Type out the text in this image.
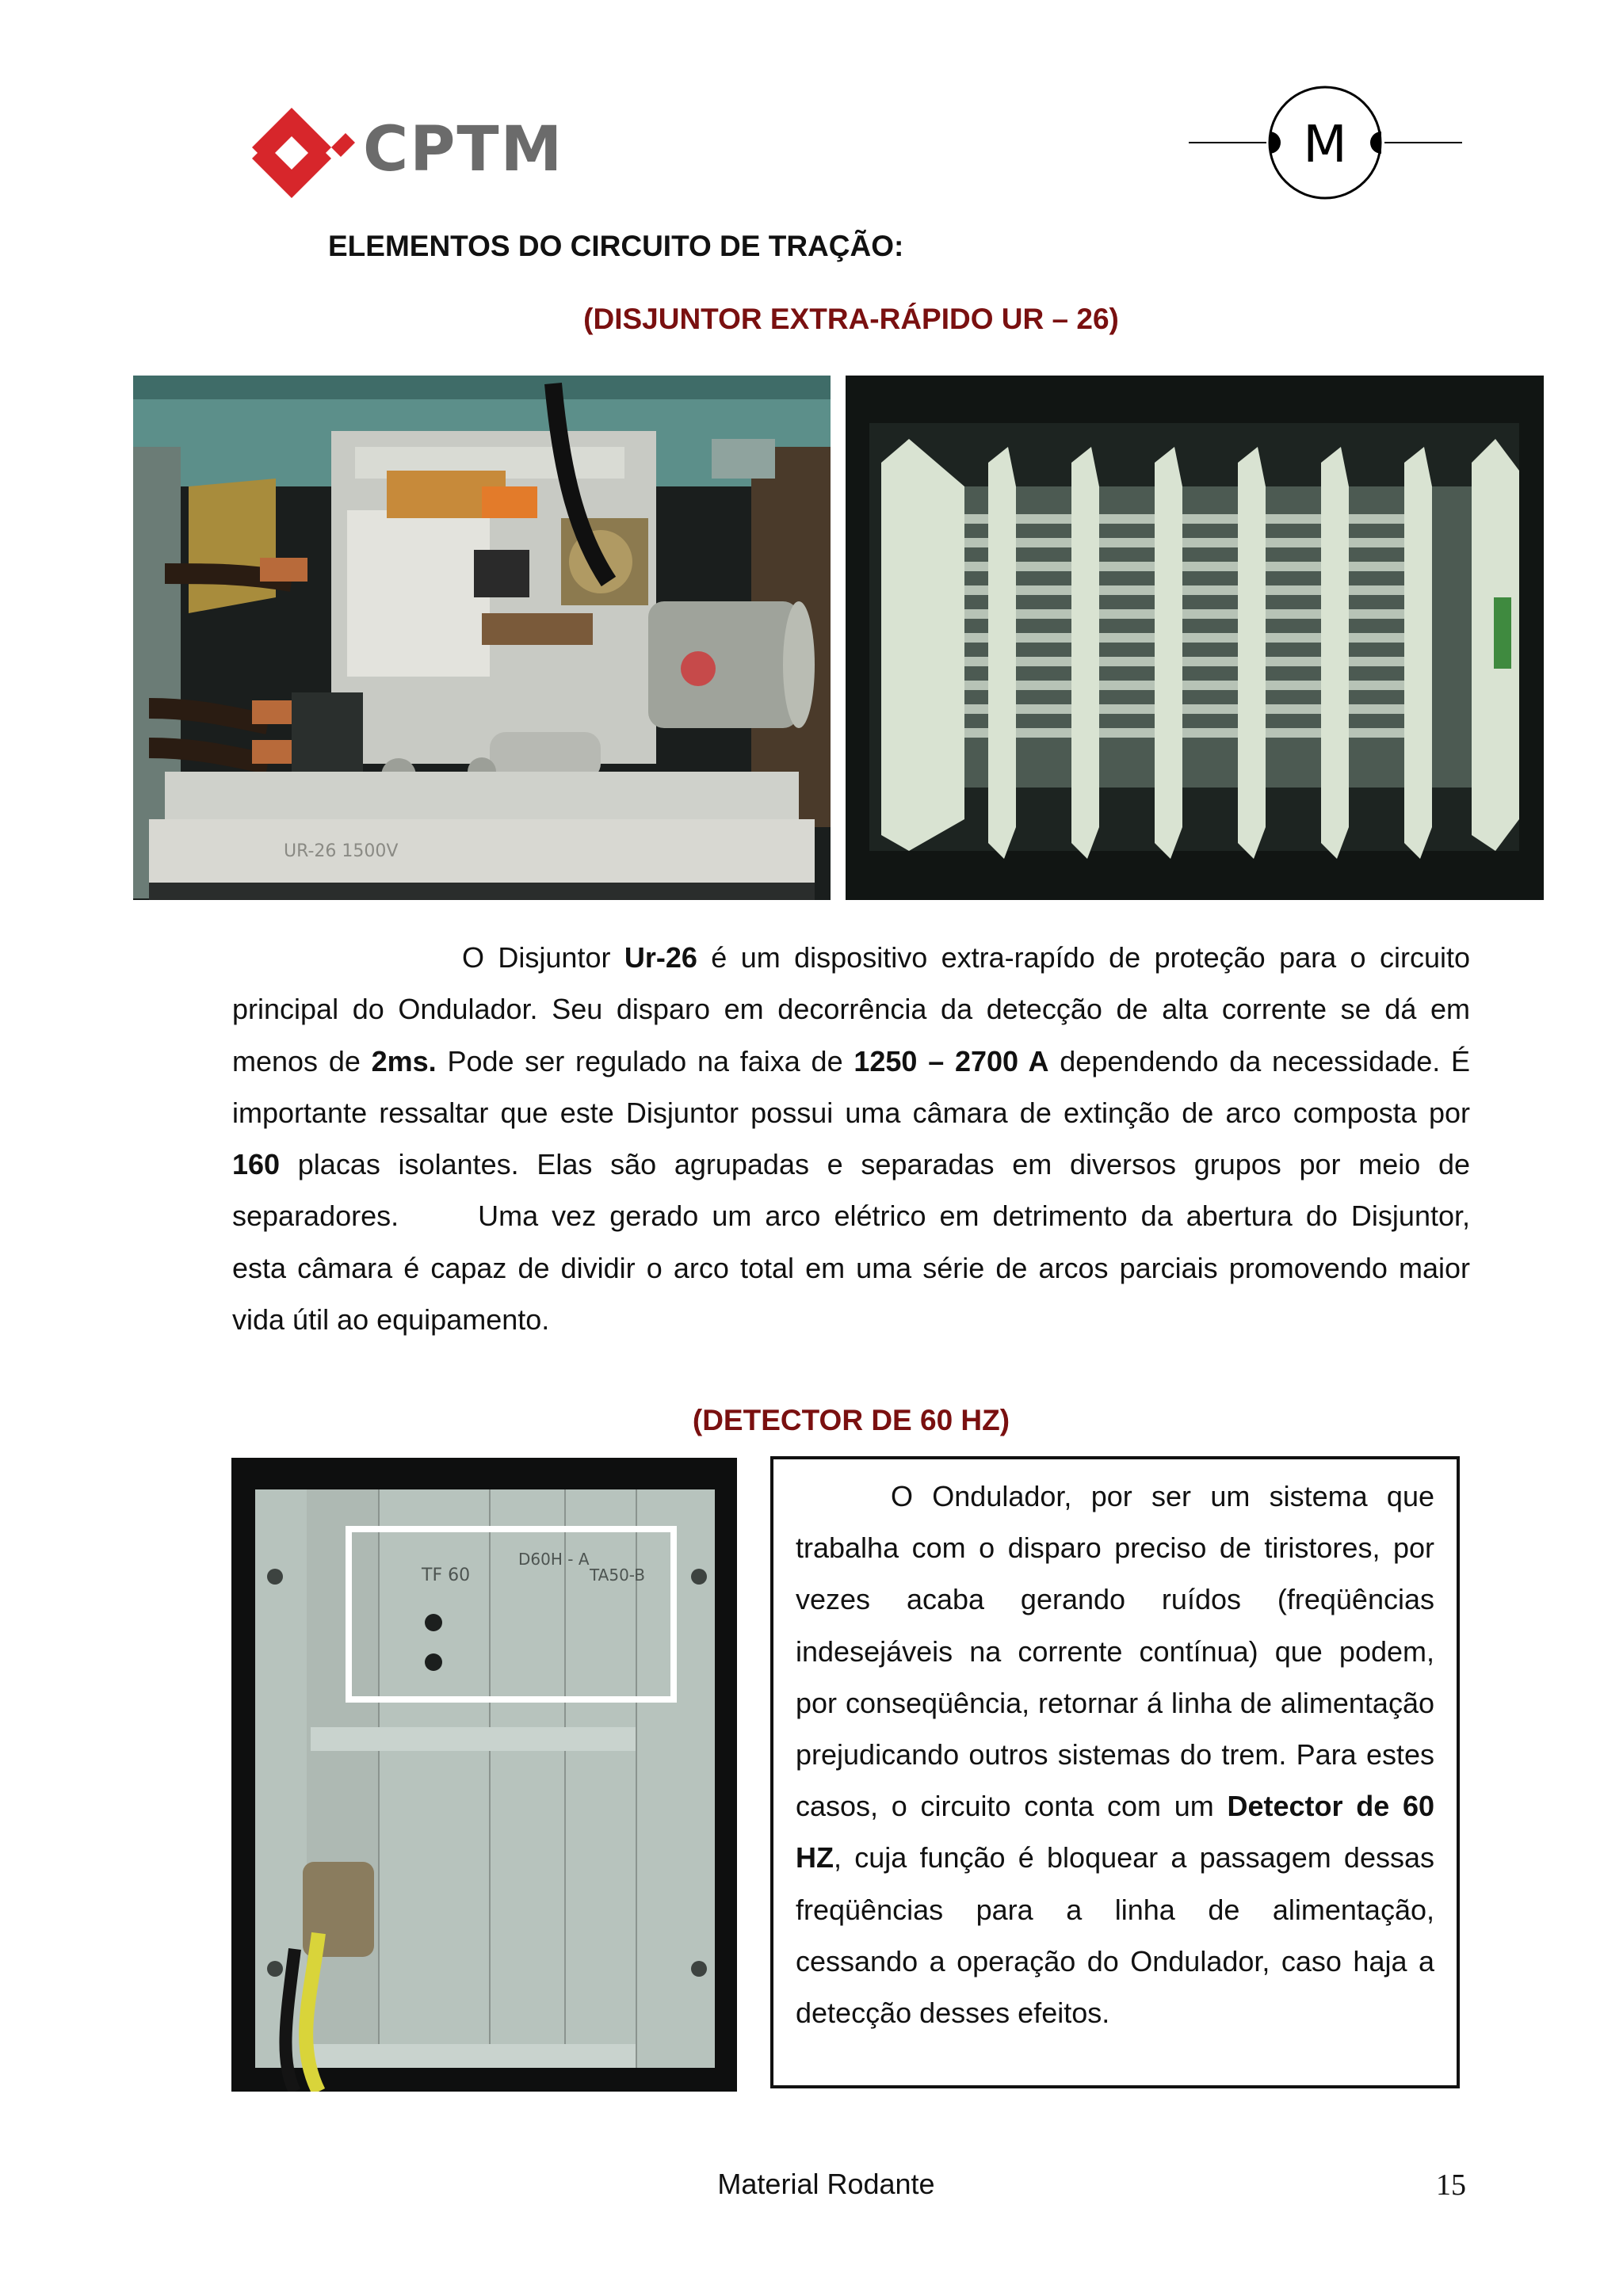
CPTM	M
ELEMENTOS DO CIRCUITO DE TRAÇÃO:
(DISJUNTOR EXTRA-RÁPIDO UR – 26)
UR-26 1500V
O Disjuntor Ur-26 é um dispositivo extra-rapído de proteção para o circuito principal do Ondulador. Seu disparo em decorrência da detecção de alta corrente se dá em menos de 2ms. Pode ser regulado na faixa de 1250 – 2700 A dependendo da necessidade. É importante ressaltar que este Disjuntor possui uma câmara de extinção de arco composta por 160 placas isolantes. Elas são agrupadas e separadas em diversos grupos por meio de separadores.	Uma vez gerado um arco elétrico em detrimento da abertura do Disjuntor, esta câmara é capaz de dividir o arco total em uma série de arcos parciais promovendo maior vida útil ao equipamento.
(DETECTOR DE 60 HZ)
TF 60
D60H - A
TA50-B
O Ondulador, por ser um sistema que trabalha com o disparo preciso de tiristores, por vezes acaba gerando ruídos (freqüências indesejáveis na corrente contínua) que podem, por conseqüência, retornar á linha de alimentação prejudicando outros sistemas do trem. Para estes casos, o circuito conta com um Detector de 60 HZ, cuja função é bloquear a passagem dessas freqüências para a linha de alimentação, cessando a operação do Ondulador, caso haja a detecção desses efeitos.
Material Rodante	15
